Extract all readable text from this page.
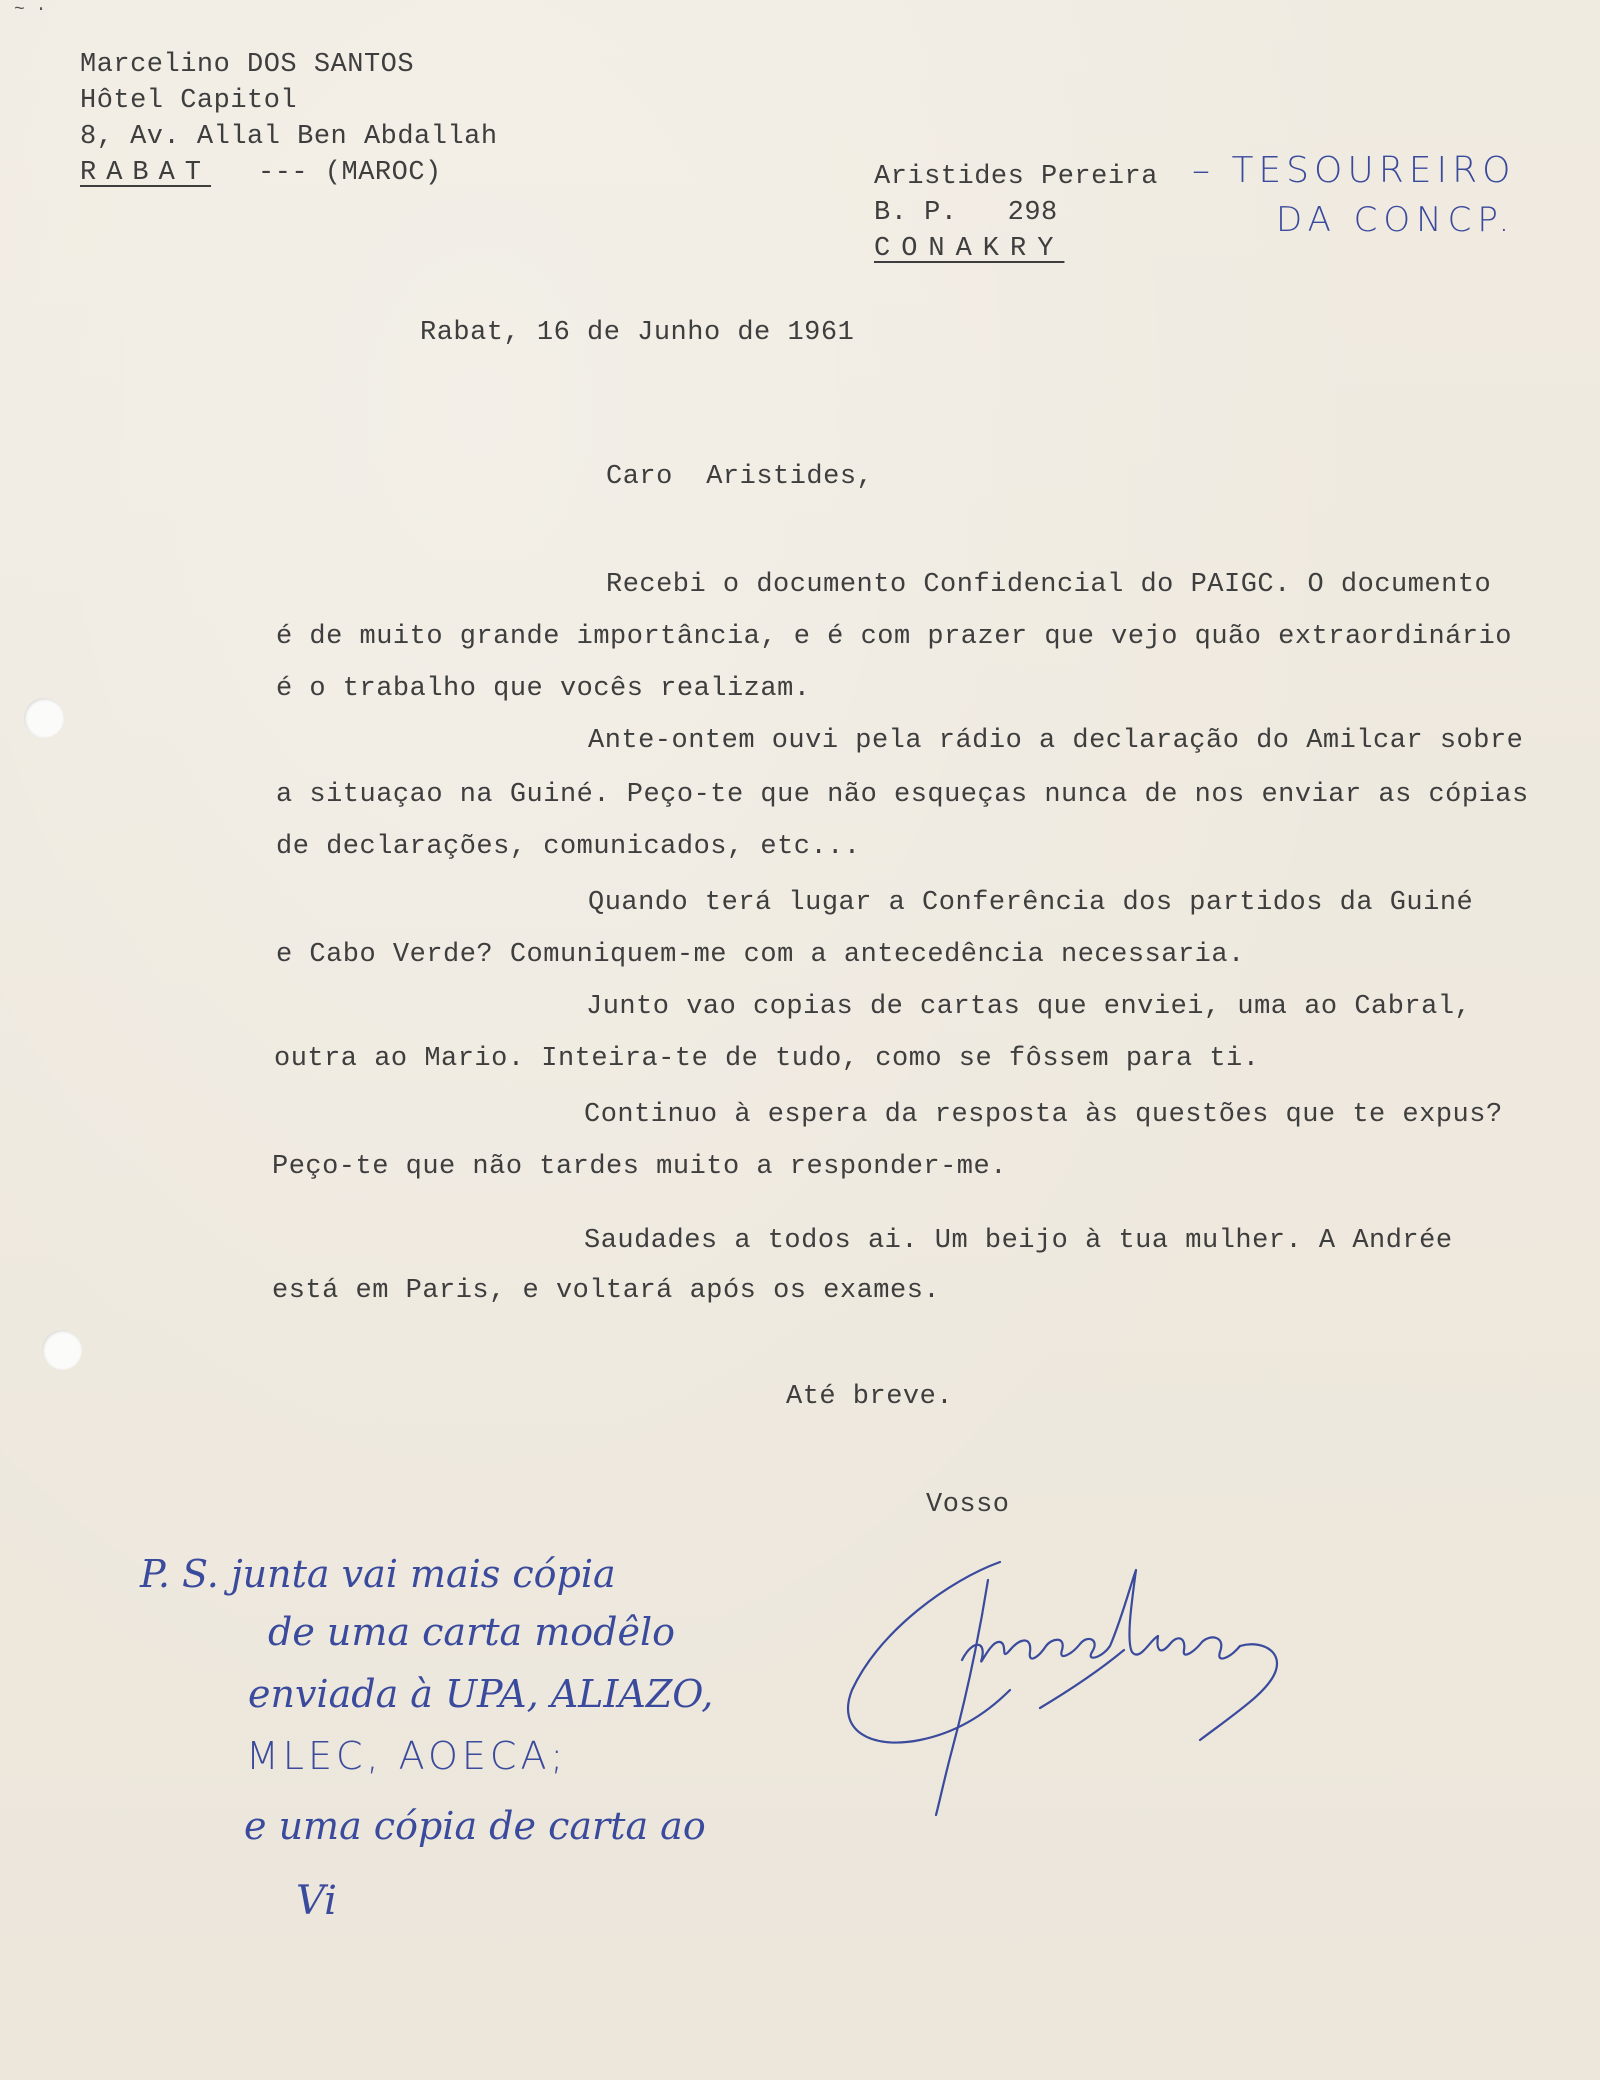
Marcelino DOS SANTOS
Hôtel Capitol
8, Av. Allal Ben Abdallah
RABAT --- (MAROC)	Aristides Pereira
B. P.   298
CONAKRY
– TESOUREIRO
DA CONCP.
Rabat, 16 de Junho de 1961
Caro  Aristides,
Recebi o documento Confidencial do PAIGC. O documento
é de muito grande importância, e é com prazer que vejo quão extraordinário
é o trabalho que vocês realizam.
Ante-ontem ouvi pela rádio a declaração do Amilcar sobre
a situaçao na Guiné. Peço-te que não esqueças nunca de nos enviar as cópias
de declarações, comunicados, etc...
Quando terá lugar a Conferência dos partidos da Guiné
e Cabo Verde? Comuniquem-me com a antecedência necessaria.
Junto vao copias de cartas que enviei, uma ao Cabral,
outra ao Mario. Inteira-te de tudo, como se fôssem para ti.
Continuo à espera da resposta às questões que te expus?
Peço-te que não tardes muito a responder-me.
Saudades a todos ai. Um beijo à tua mulher. A Andrée
está em Paris, e voltará após os exames.
Até breve.
Vosso
P. S. junta vai mais cópia
de uma carta modêlo
enviada à UPA, ALIAZO,
MLEC, AOECA;
e uma cópia de carta ao
Vi
~ ·
